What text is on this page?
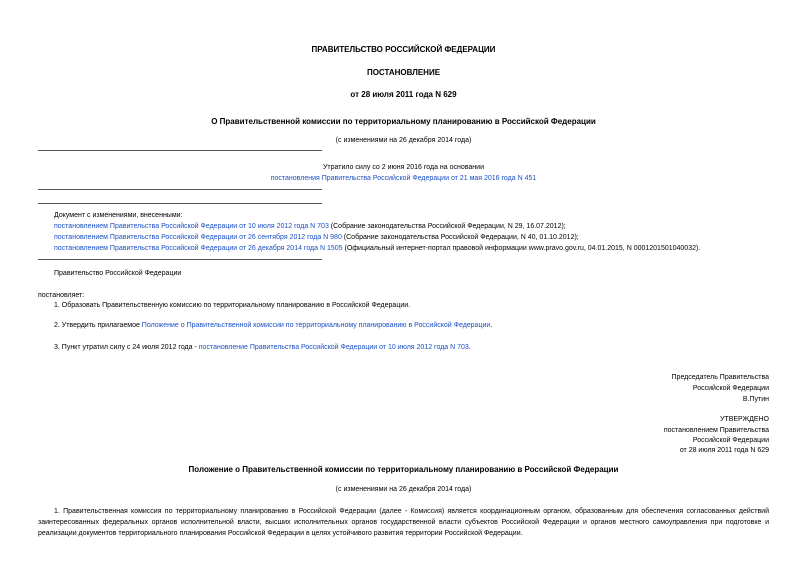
ПРАВИТЕЛЬСТВО РОССИЙСКОЙ ФЕДЕРАЦИИ
ПОСТАНОВЛЕНИЕ
от 28 июля 2011 года N 629
О Правительственной комиссии по территориальному планированию в Российской Федерации
(с изменениями на 26 декабря 2014 года)
Утратило силу со 2 июня 2016 года на основании
постановления Правительства Российской Федерации от 21 мая 2016 года N 451
Документ с изменениями, внесенными:
постановлением Правительства Российской Федерации от 10 июля 2012 года N 703 (Собрание законодательства Российской Федерации, N 29, 16.07.2012);
постановлением Правительства Российской Федерации от 26 сентября 2012 года N 980 (Собрание законодательства Российской Федерации, N 40, 01.10.2012);
постановлением Правительства Российской Федерации от 26 декабря 2014 года N 1505 (Официальный интернет-портал правовой информации www.pravo.gov.ru, 04.01.2015, N 0001201501040032).
Правительство Российской Федерации
постановляет:
1. Образовать Правительственную комиссию по территориальному планированию в Российской Федерации.
2. Утвердить прилагаемое Положение о Правительственной комиссии по территориальному планированию в Российской Федерации.
3. Пункт утратил силу с 24 июля 2012 года - постановление Правительства Российской Федерации от 10 июля 2012 года N 703.
Председатель Правительства
Российской Федерации
В.Путин
УТВЕРЖДЕНО
постановлением Правительства
Российской Федерации
от 28 июля 2011 года N 629
Положение о Правительственной комиссии по территориальному планированию в Российской Федерации
(с изменениями на 26 декабря 2014 года)
1. Правительственная комиссия по территориальному планированию в Российской Федерации (далее - Комиссия) является координационным органом, образованным для обеспечения согласованных действий заинтересованных федеральных органов исполнительной власти, высших исполнительных органов государственной власти субъектов Российской Федерации и органов местного самоуправления при подготовке и реализации документов территориального планирования Российской Федерации в целях устойчивого развития территории Российской Федерации.
